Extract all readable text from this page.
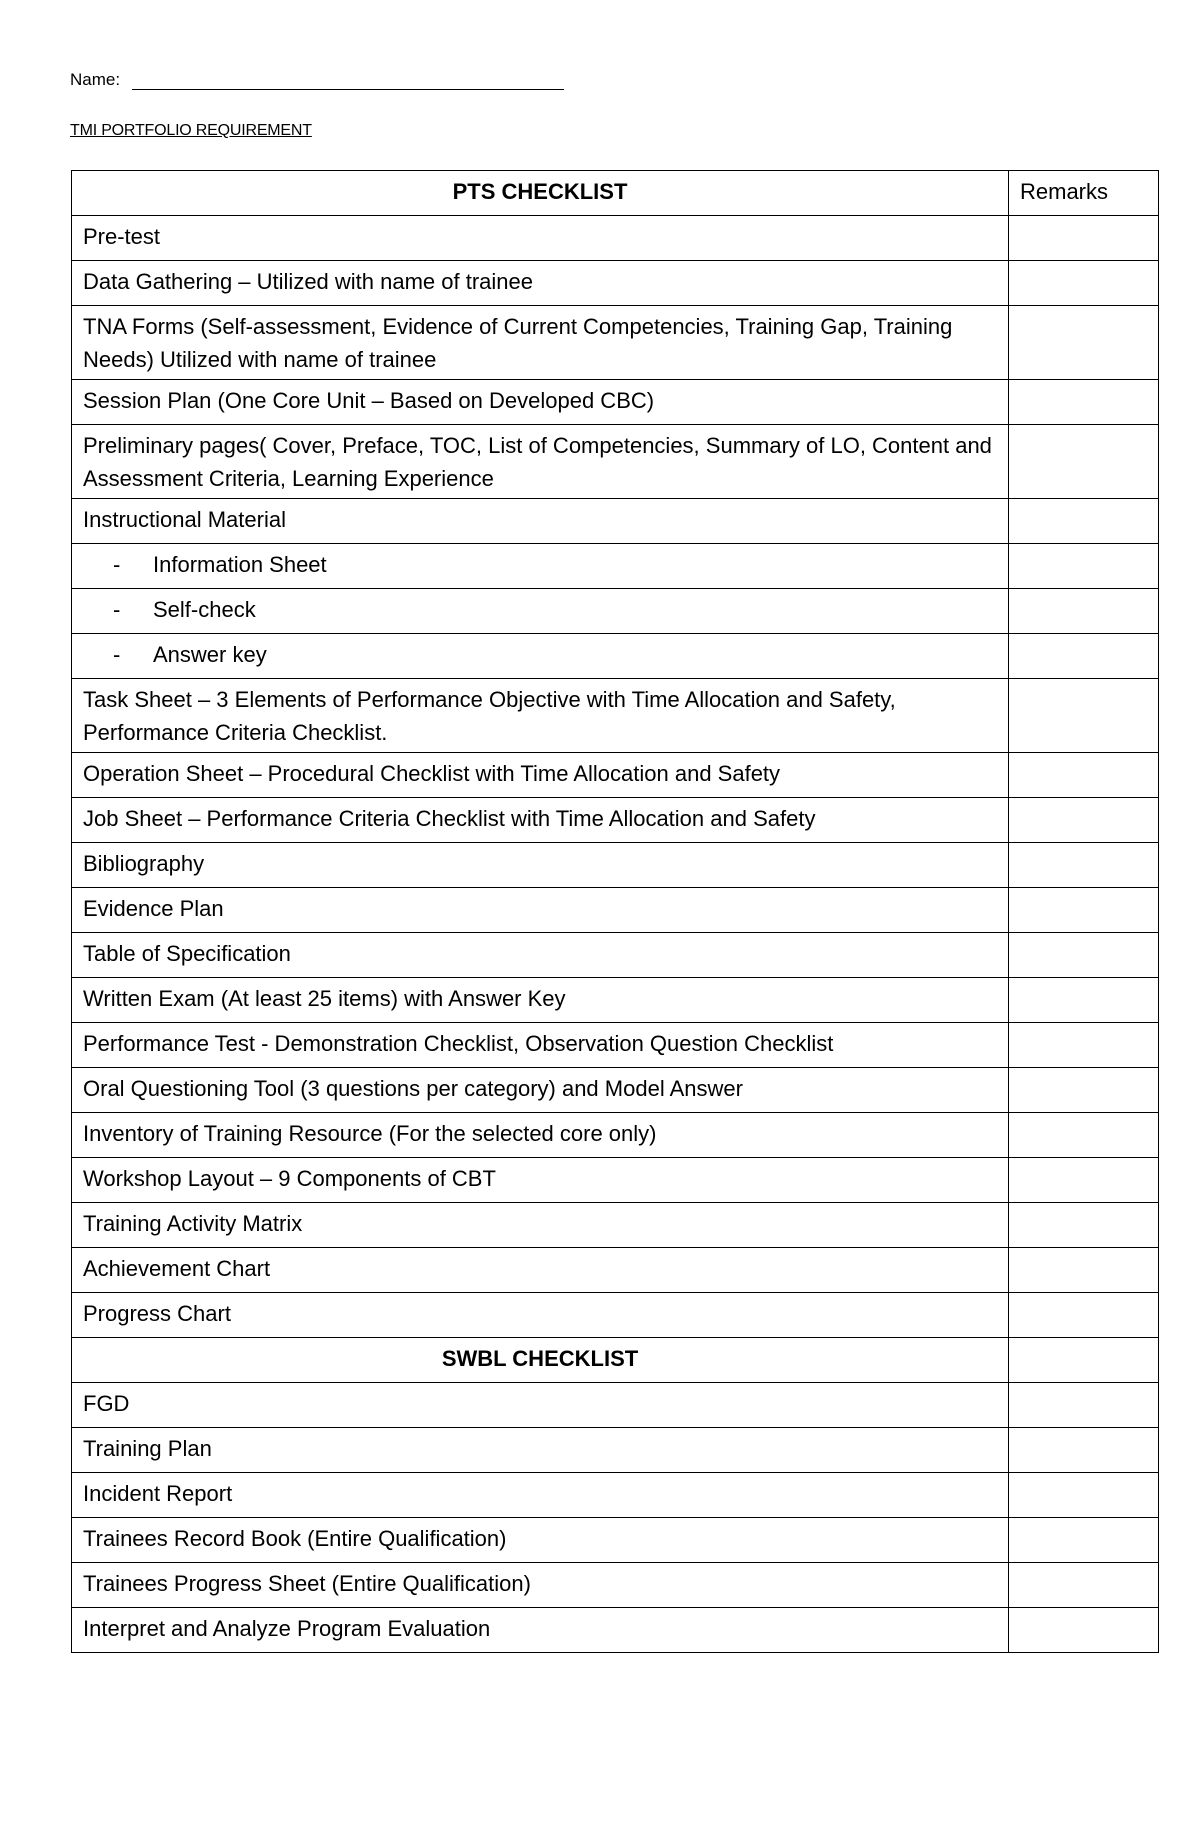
Name:
TMI PORTFOLIO REQUIREMENT
PTS CHECKLIST	Remarks
Pre-test	
Data Gathering – Utilized with name of trainee	
TNA Forms (Self-assessment, Evidence of Current Competencies, Training Gap, Training Needs) Utilized with name of trainee	
Session Plan (One Core Unit – Based on Developed CBC)	
Preliminary pages( Cover, Preface, TOC, List of Competencies, Summary of LO, Content and Assessment Criteria, Learning Experience	
Instructional Material	

- Information Sheet	

- Self-check	

- Answer key	

Task Sheet – 3 Elements of Performance Objective with Time Allocation and Safety, Performance Criteria Checklist.	
Operation Sheet – Procedural Checklist with Time Allocation and Safety	
Job Sheet – Performance Criteria Checklist with Time Allocation and Safety	
Bibliography	
Evidence Plan	
Table of Specification	
Written Exam (At least 25 items) with Answer Key	
Performance Test - Demonstration Checklist, Observation Question Checklist	
Oral Questioning Tool (3 questions per category) and Model Answer	
Inventory of Training Resource (For the selected core only)	
Workshop Layout – 9 Components of CBT	
Training Activity Matrix	
Achievement Chart	
Progress Chart	
SWBL CHECKLIST	
FGD	
Training Plan	
Incident Report	
Trainees Record Book (Entire Qualification)	
Trainees Progress Sheet (Entire Qualification)	
Interpret and Analyze Program Evaluation	
